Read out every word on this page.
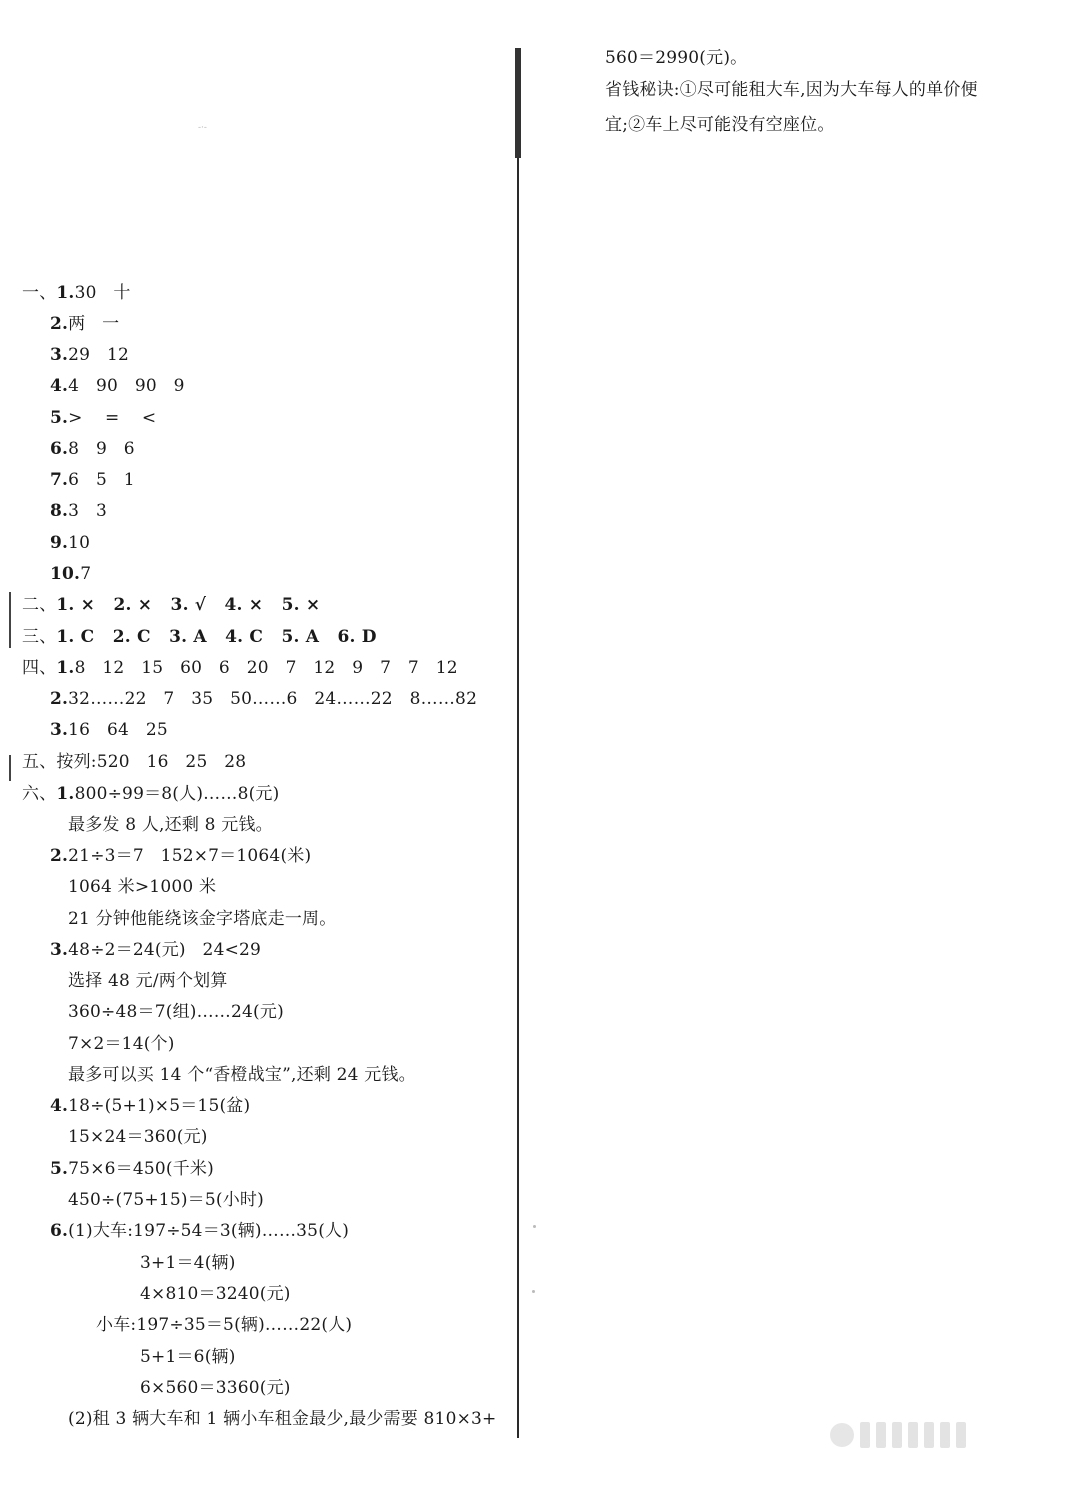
-·-
一、1.30   十
2.两   一
3.29   12
4.4   90   90   9
5.>    =    <
6.8   9   6
7.6   5   1
8.3   3
9.10
10.7
二、1. ×   2. ×   3. √   4. ×   5. ×
三、1. C   2. C   3. A   4. C   5. A   6. D
四、1.8   12   15   60   6   20   7   12   9   7   7   12
2.32……22   7   35   50……6   24……22   8……82
3.16   64   25
五、按列:520   16   25   28
六、1.800÷99＝8(人)……8(元)
最多发 8 人,还剩 8 元钱。
2.21÷3＝7   152×7＝1064(米)
1064 米>1000 米
21 分钟他能绕该金字塔底走一周。
3.48÷2＝24(元)   24<29
选择 48 元/两个划算
360÷48＝7(组)……24(元)
7×2＝14(个)
最多可以买 14 个“香橙战宝”,还剩 24 元钱。
4.18÷(5+1)×5＝15(盆)
15×24＝360(元)
5.75×6＝450(千米)
450÷(75+15)＝5(小时)
6.(1)大车:197÷54＝3(辆)……35(人)
3+1＝4(辆)
4×810＝3240(元)
小车:197÷35＝5(辆)……22(人)
5+1＝6(辆)
6×560＝3360(元)
(2)租 3 辆大车和 1 辆小车租金最少,最少需要 810×3+
560＝2990(元)。
省钱秘诀:①尽可能租大车,因为大车每人的单价便
宜;②车上尽可能没有空座位。
